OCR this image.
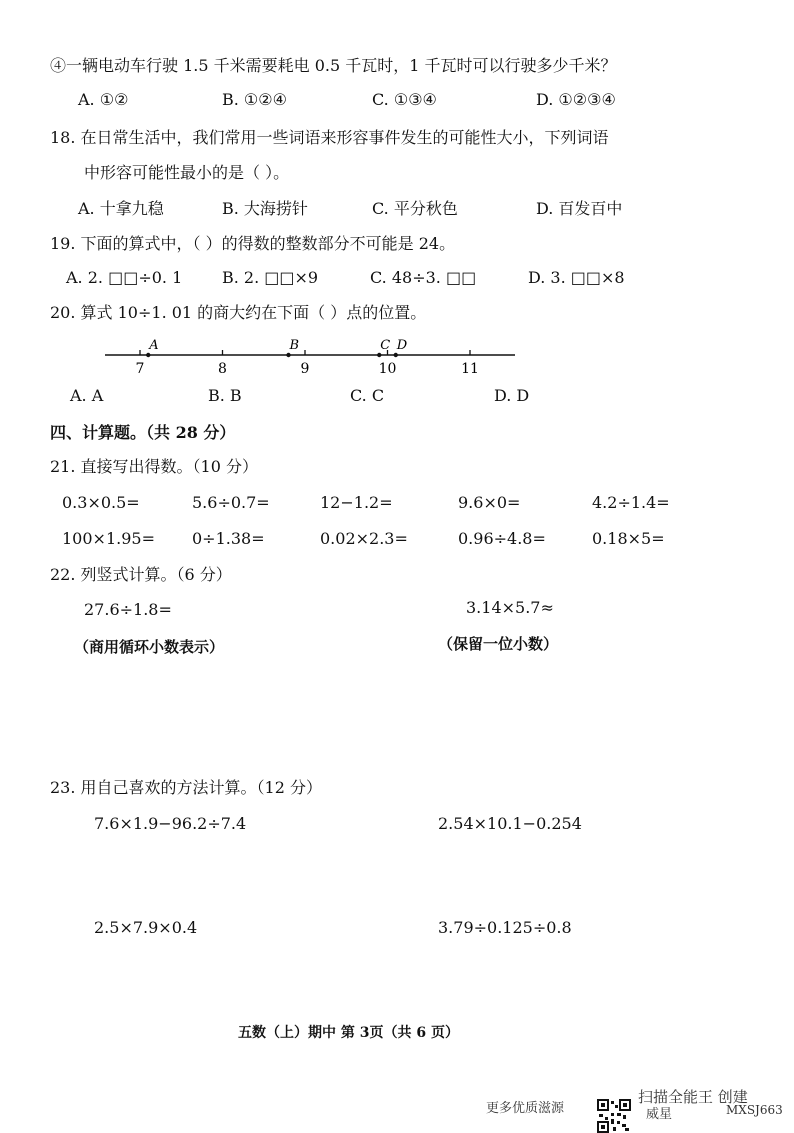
④一辆电动车行驶 1.5 千米需要耗电 0.5 千瓦时，1 千瓦时可以行驶多少千米？
A. ①②	B. ①②④	C. ①③④	D. ①②③④
18. 在日常生活中，我们常用一些词语来形容事件发生的可能性大小，下列词语
中形容可能性最小的是（ ）。
A. 十拿九稳	B. 大海捞针	C. 平分秋色	D. 百发百中
19. 下面的算式中，（ ）的得数的整数部分不可能是 24。
A. 2. □□÷0. 1 B. 2. □□×9	C. 48÷3. □□	D. 3. □□×8
20. 算式 10÷1. 01 的商大约在下面（ ）点的位置。
7	8	9	10	11
A	B	C D
A. A	B. B	C. C	D. D
四、计算题。（共 28 分）
21. 直接写出得数。（10 分）
0.3×0.5=	5.6÷0.7=	12−1.2=	9.6×0=	4.2÷1.4=
100×1.95= 0÷1.38=	0.02×2.3=	0.96÷4.8=	0.18×5=
22. 列竖式计算。（6 分）
27.6÷1.8=
（商用循环小数表示）
3.14×5.7≈
（保留一位小数）
23. 用自己喜欢的方法计算。（12 分）
7.6×1.9−96.2÷7.4	2.54×10.1−0.254
2.5×7.9×0.4	3.79÷0.125÷0.8
五数（上）期中 第 3页（共 6 页）
更多优质滋源
扫描全能王 创建
威星	MXSJ663
